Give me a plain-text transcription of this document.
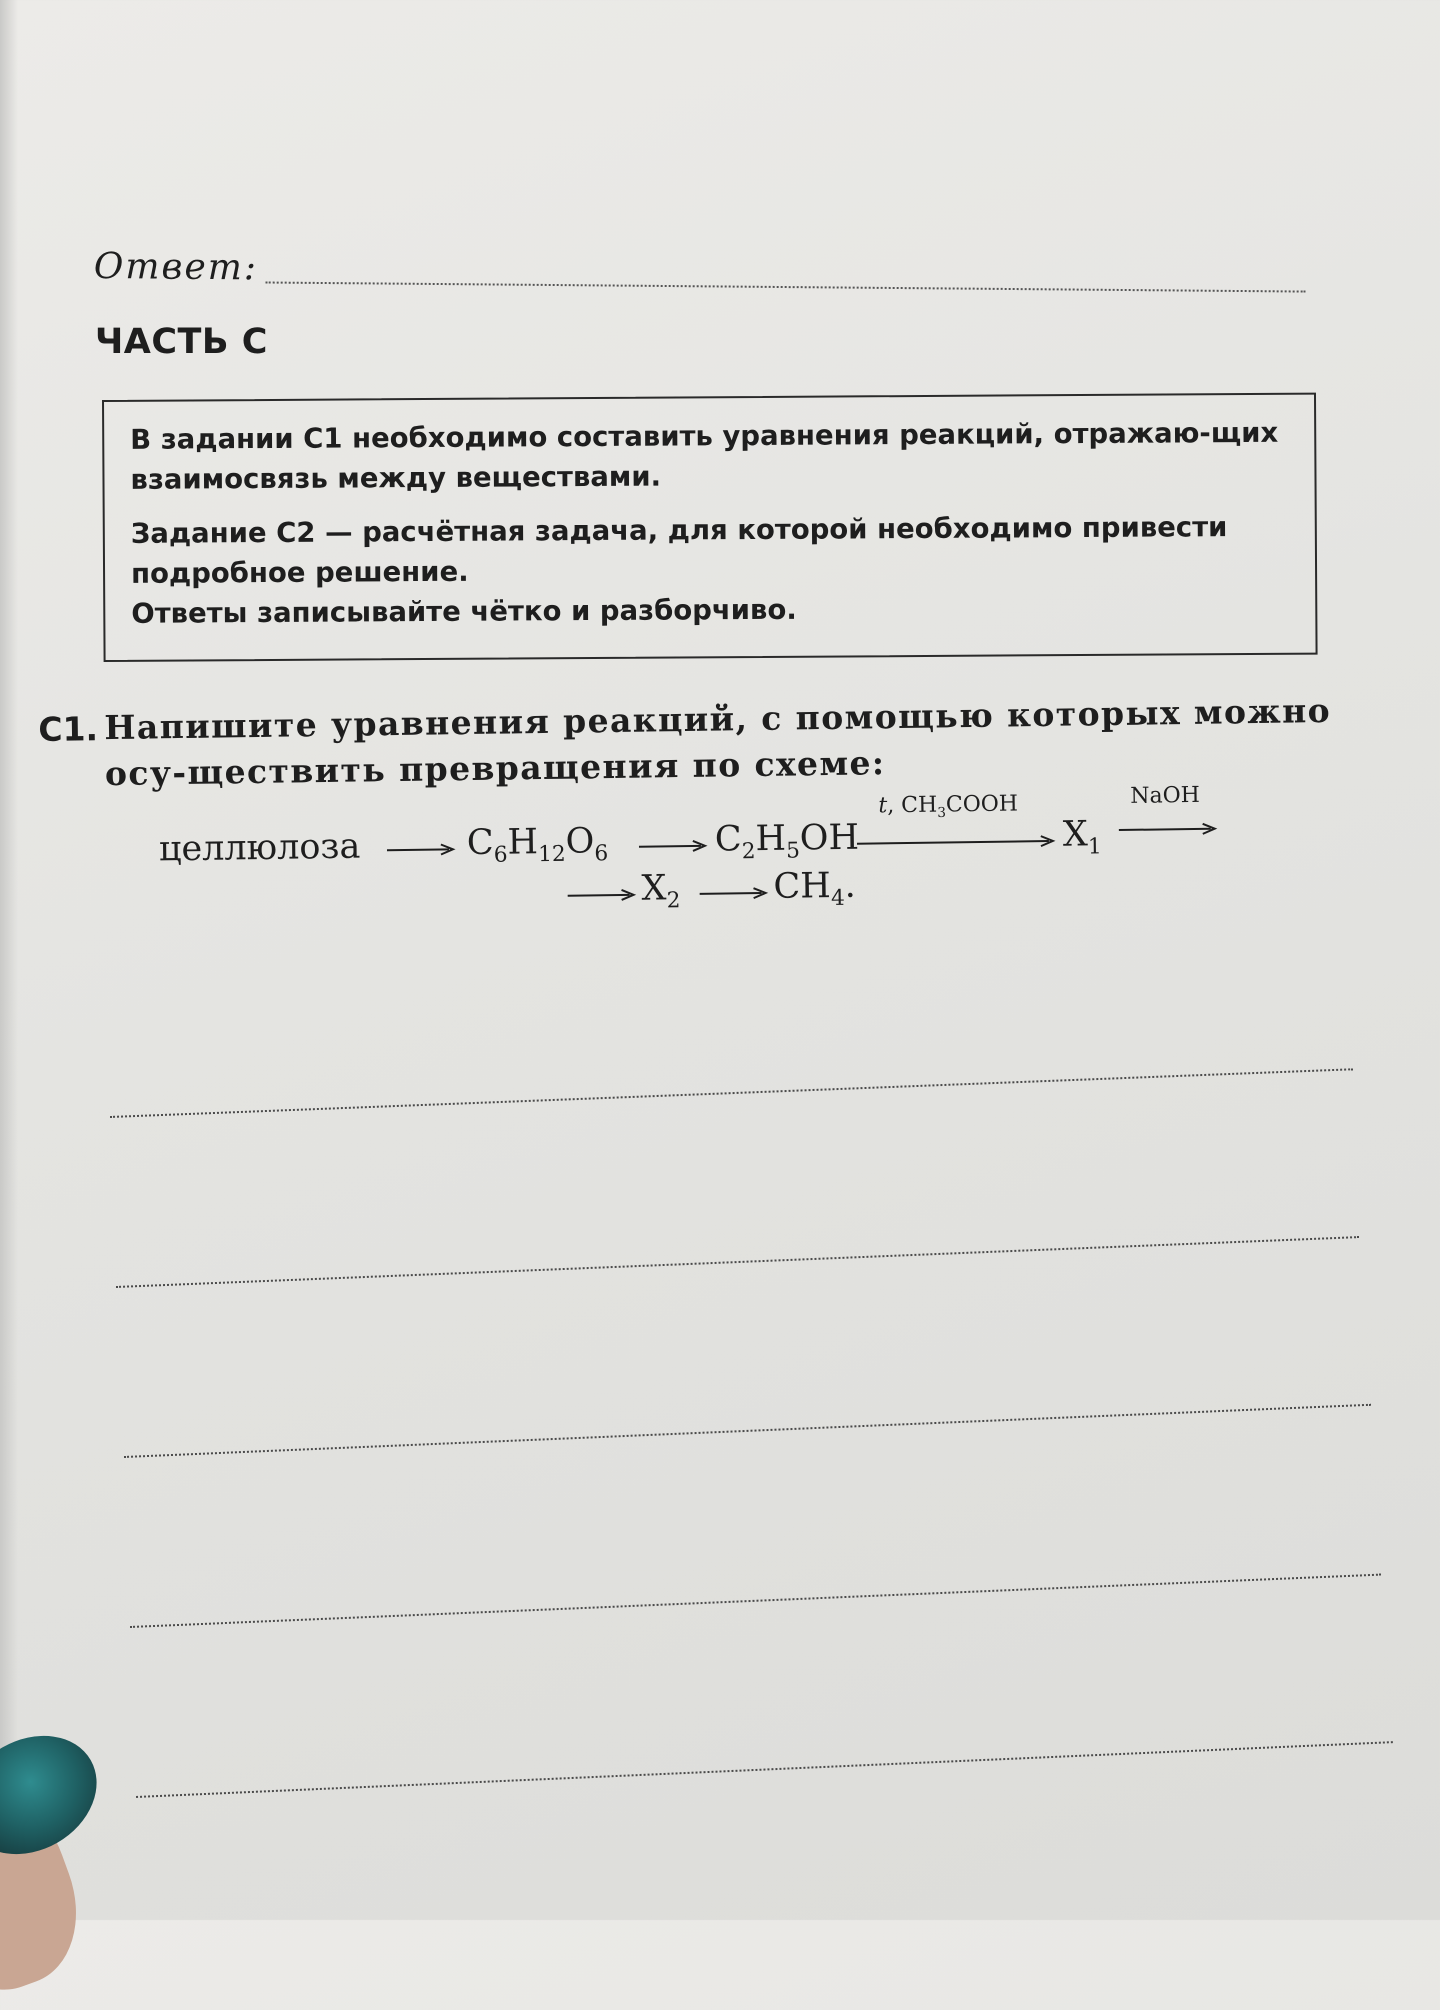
Ответ:
ЧАСТЬ С

В задании С1 необходимо составить уравнения реакций, отражаю-щих взаимосвязь между веществами.

Задание С2 — расчётная задача, для которой необходимо привести подробное решение.

Ответы записывайте чётко и разборчиво.

С1. Напишите уравнения реакций, с помощью которых можно осу-ществить превращения по схеме:
целлюлоза	$C_6H_{12}O_6$	$C_2H_5OH$
t, $CH_3COOH$
$X_1$
NaOH
$X_2$	$CH_4$.
